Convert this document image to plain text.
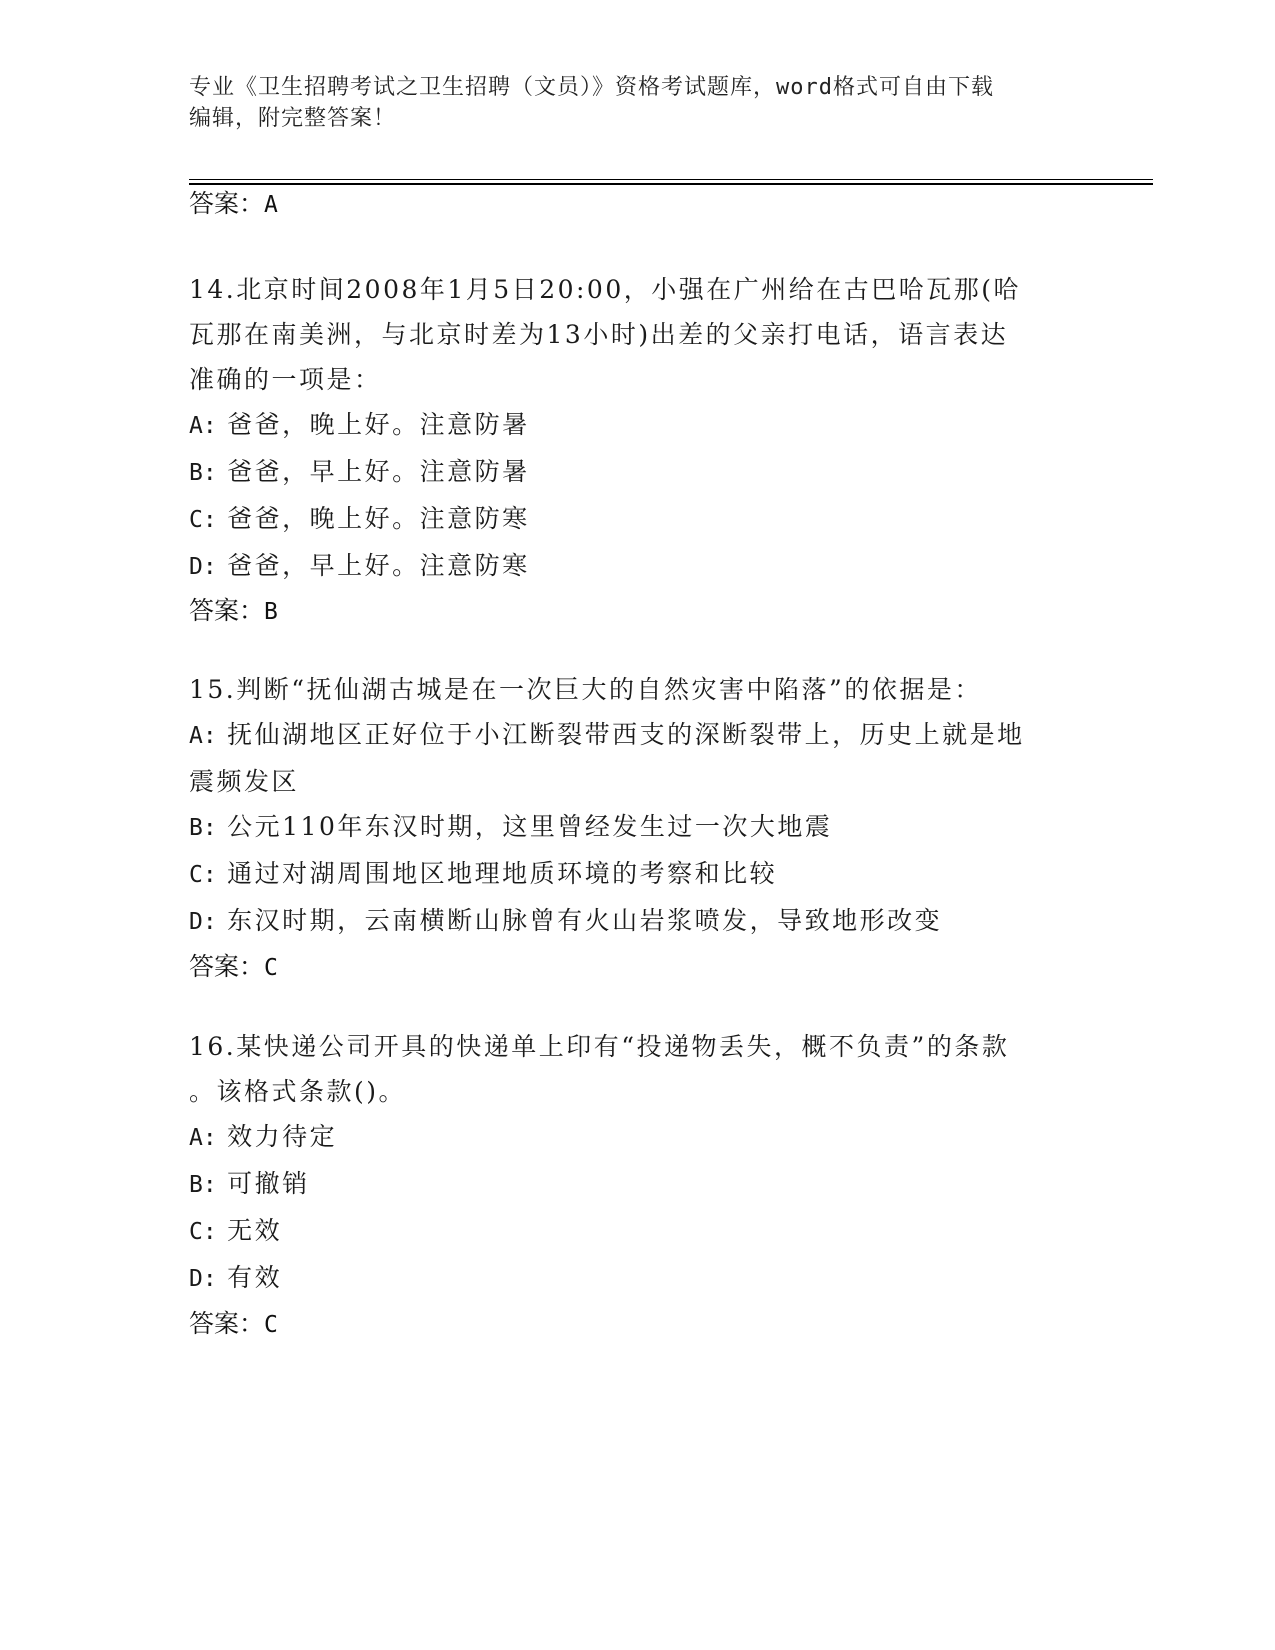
专业《卫生招聘考试之卫生招聘（文员）》资格考试题库，word格式可自由下载
编辑，附完整答案！
答案：A
14.北京时间2008年1月5日20:00，小强在广州给在古巴哈瓦那(哈
瓦那在南美洲，与北京时差为13小时)出差的父亲打电话，语言表达
准确的一项是：
A: 爸爸，晚上好。注意防暑
B: 爸爸，早上好。注意防暑
C: 爸爸，晚上好。注意防寒
D: 爸爸，早上好。注意防寒
答案：B
15.判断“抚仙湖古城是在一次巨大的自然灾害中陷落”的依据是：
A: 抚仙湖地区正好位于小江断裂带西支的深断裂带上，历史上就是地
震频发区
B: 公元110年东汉时期，这里曾经发生过一次大地震
C: 通过对湖周围地区地理地质环境的考察和比较
D: 东汉时期，云南横断山脉曾有火山岩浆喷发，导致地形改变
答案：C
16.某快递公司开具的快递单上印有“投递物丢失，概不负责”的条款
。该格式条款()。
A: 效力待定
B: 可撤销
C: 无效
D: 有效
答案：C
